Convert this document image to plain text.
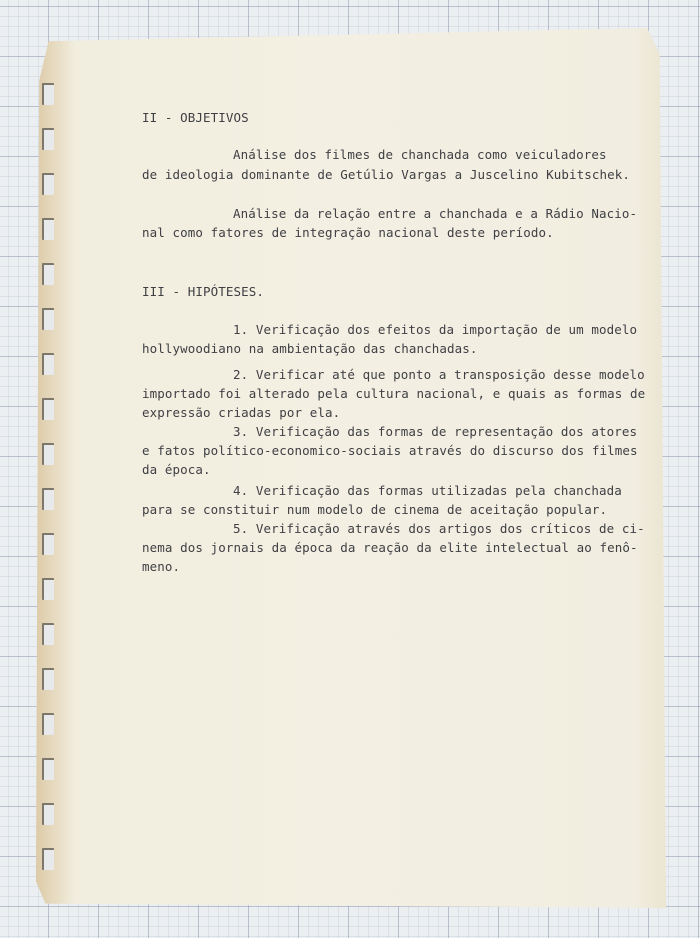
II - OBJETIVOS
Análise dos filmes de chanchada como veiculadores
de ideologia dominante de Getúlio Vargas a Juscelino Kubitschek.
Análise da relação entre a chanchada e a Rádio Nacio-
nal como fatores de integração nacional deste período.
III - HIPÓTESES.
1. Verificação dos efeitos da importação de um modelo
hollywoodiano na ambientação das chanchadas.
2. Verificar até que ponto a transposição desse modelo
importado foi alterado pela cultura nacional, e quais as formas de
expressão criadas por ela.
3. Verificação das formas de representação dos atores
e fatos político-economico-sociais através do discurso dos filmes
da época.
4. Verificação das formas utilizadas pela chanchada
para se constituir num modelo de cinema de aceitação popular.
5. Verificação através dos artigos dos críticos de ci-
nema dos jornais da época da reação da elite intelectual ao fenô-
meno.
